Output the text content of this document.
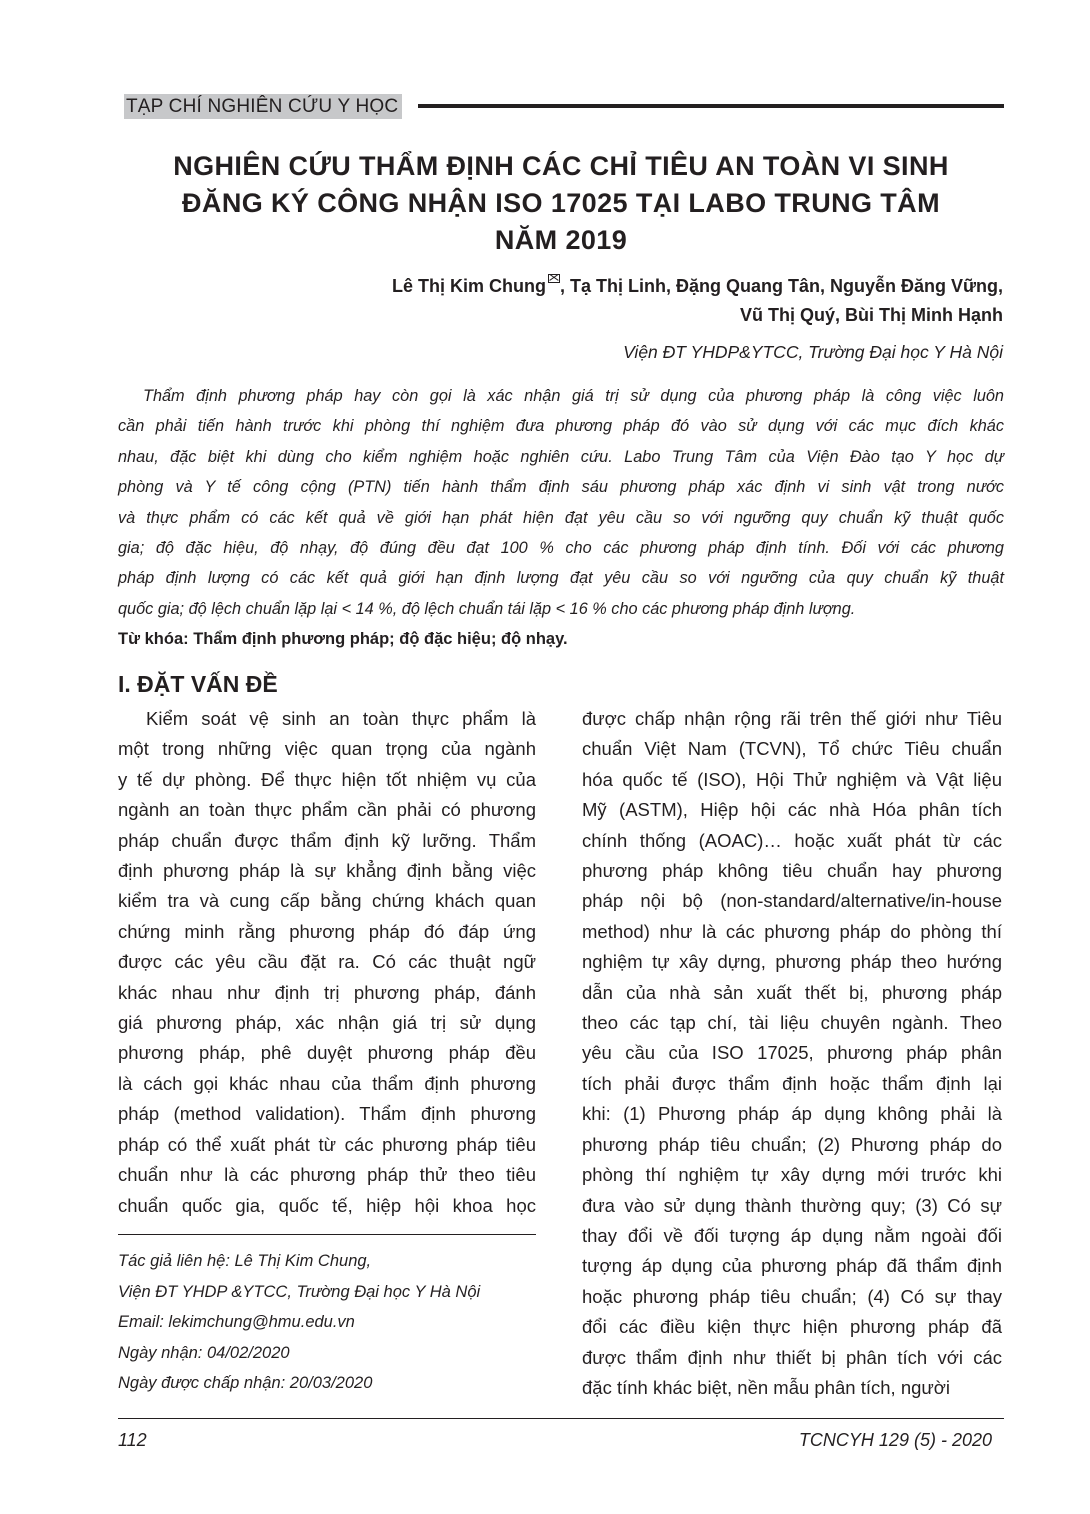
TẠP CHÍ NGHIÊN CỨU Y HỌC
NGHIÊN CỨU THẨM ĐỊNH CÁC CHỈ TIÊU AN TOÀN VI SINH
ĐĂNG KÝ CÔNG NHẬN ISO 17025 TẠI LABO TRUNG TÂM
NĂM 2019
Lê Thị Kim Chung , Tạ Thị Linh, Đặng Quang Tân, Nguyễn Đăng Vững,
Vũ Thị Quý, Bùi Thị Minh Hạnh
Viện ĐT YHDP&YTCC, Trường Đại học Y Hà Nội

Thẩm định phương pháp hay còn gọi là xác nhận giá trị sử dụng của phương pháp là công việc luôn
cần phải tiến hành trước khi phòng thí nghiệm đưa phương pháp đó vào sử dụng với các mục đích khác
nhau, đặc biệt khi dùng cho kiểm nghiệm hoặc nghiên cứu. Labo Trung Tâm của Viện Đào tạo Y học dự
phòng và Y tế công cộng (PTN) tiến hành thẩm định sáu phương pháp xác định vi sinh vật trong nước
và thực phẩm có các kết quả về giới hạn phát hiện đạt yêu cầu so với ngưỡng quy chuẩn kỹ thuật quốc
gia; độ đặc hiệu, độ nhạy, độ đúng đều đạt 100 % cho các phương pháp định tính. Đối với các phương
pháp định lượng có các kết quả giới hạn định lượng đạt yêu cầu so với ngưỡng của quy chuẩn kỹ thuật
quốc gia; độ lệch chuẩn lặp lại < 14 %, độ lệch chuẩn tái lặp < 16 % cho các phương pháp định lượng.

Từ khóa: Thẩm định phương pháp; độ đặc hiệu; độ nhạy.
I. ĐẶT VẤN ĐỀ
Kiểm soát vệ sinh an toàn thực phẩm là
một trong những việc quan trọng của ngành
y tế dự phòng. Để thực hiện tốt nhiệm vụ của
ngành an toàn thực phẩm cần phải có phương
pháp chuẩn được thẩm định kỹ lưỡng. Thẩm
định phương pháp là sự khẳng định bằng việc
kiểm tra và cung cấp bằng chứng khách quan
chứng minh rằng phương pháp đó đáp ứng
được các yêu cầu đặt ra. Có các thuật ngữ
khác nhau như định trị phương pháp, đánh
giá phương pháp, xác nhận giá trị sử dụng
phương pháp, phê duyệt phương pháp đều
là cách gọi khác nhau của thẩm định phương
pháp (method validation). Thẩm định phương
pháp có thể xuất phát từ các phương pháp tiêu
chuẩn như là các phương pháp thử theo tiêu
chuẩn quốc gia, quốc tế, hiệp hội khoa học
được chấp nhận rộng rãi trên thế giới như Tiêu
chuẩn Việt Nam (TCVN), Tổ chức Tiêu chuẩn
hóa quốc tế (ISO), Hội Thử nghiệm và Vật liệu
Mỹ (ASTM), Hiệp hội các nhà Hóa phân tích
chính thống (AOAC)… hoặc xuất phát từ các
phương pháp không tiêu chuẩn hay phương
pháp nội bộ (non-standard/alternative/in-house
method) như là các phương pháp do phòng thí
nghiệm tự xây dựng, phương pháp theo hướng
dẫn của nhà sản xuất thết bị, phương pháp
theo các tạp chí, tài liệu chuyên ngành. Theo
yêu cầu của ISO 17025, phương pháp phân
tích phải được thẩm định hoặc thẩm định lại
khi: (1) Phương pháp áp dụng không phải là
phương pháp tiêu chuẩn; (2) Phương pháp do
phòng thí nghiệm tự xây dựng mới trước khi
đưa vào sử dụng thành thường quy; (3) Có sự
thay đổi về đối tượng áp dụng nằm ngoài đối
tượng áp dụng của phương pháp đã thẩm định
hoặc phương pháp tiêu chuẩn; (4) Có sự thay
đổi các điều kiện thực hiện phương pháp đã
được thẩm định như thiết bị phân tích với các
đặc tính khác biệt, nền mẫu phân tích, người
Tác giả liên hệ: Lê Thị Kim Chung,
Viện ĐT YHDP &YTCC, Trường Đại học Y Hà Nội
Email: lekimchung@hmu.edu.vn
Ngày nhận: 04/02/2020
Ngày được chấp nhận: 20/03/2020
112	TCNCYH 129 (5) - 2020
